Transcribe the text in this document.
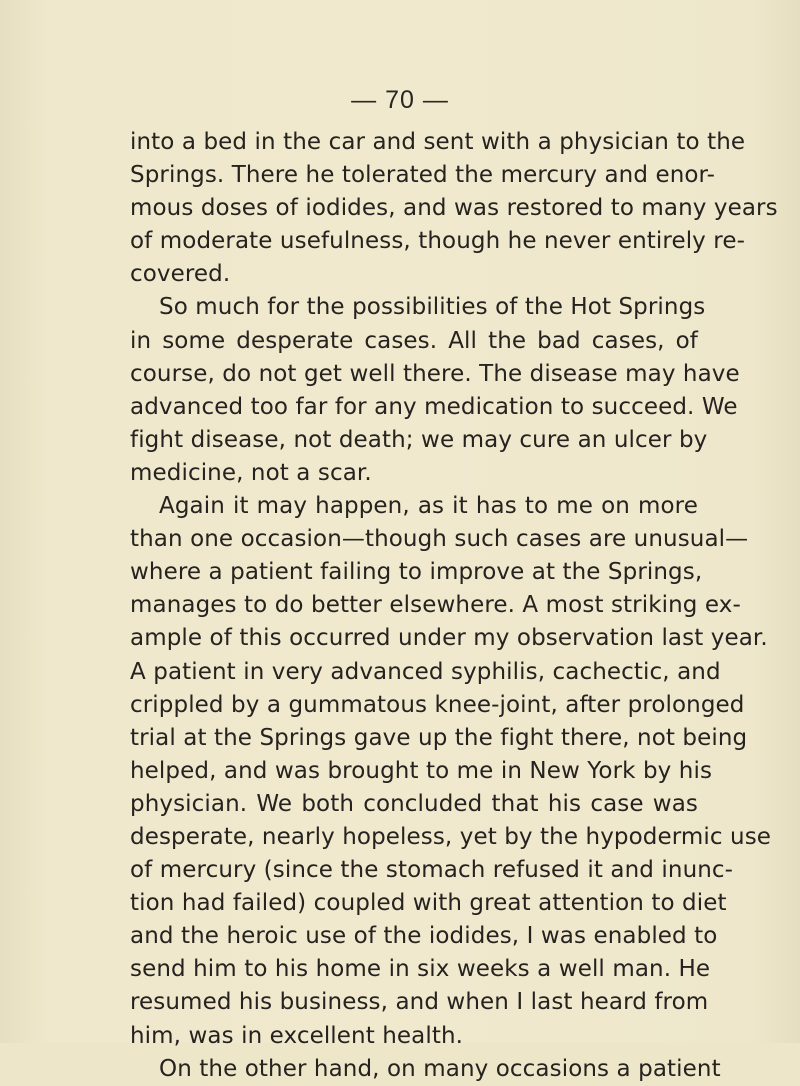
— 70 —
into a bed in the car and sent with a physician to the
Springs. There he tolerated the mercury and enor-
mous doses of iodides, and was restored to many years
of moderate usefulness, though he never entirely re-
covered.
So much for the possibilities of the Hot Springs
in some desperate cases. All the bad cases, of
course, do not get well there. The disease may have
advanced too far for any medication to succeed. We
fight disease, not death; we may cure an ulcer by
medicine, not a scar.
Again it may happen, as it has to me on more
than one occasion—though such cases are unusual—
where a patient failing to improve at the Springs,
manages to do better elsewhere. A most striking ex-
ample of this occurred under my observation last year.
A patient in very advanced syphilis, cachectic, and
crippled by a gummatous knee-joint, after prolonged
trial at the Springs gave up the fight there, not being
helped, and was brought to me in New York by his
physician. We both concluded that his case was
desperate, nearly hopeless, yet by the hypodermic use
of mercury (since the stomach refused it and inunc-
tion had failed) coupled with great attention to diet
and the heroic use of the iodides, I was enabled to
send him to his home in six weeks a well man. He
resumed his business, and when I last heard from
him, was in excellent health.
On the other hand, on many occasions a patient
